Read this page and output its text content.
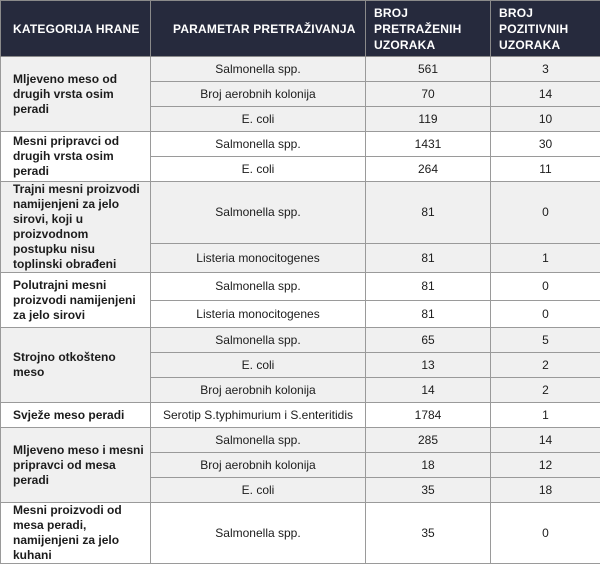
KATEGORIJA HRANE	PARAMETAR PRETRAŽIVANJA	BROJ PRETRAŽENIH UZORAKA	BROJ POZITIVNIH UZORAKA
Mljeveno meso od drugih vrsta osim peradi	Salmonella spp.	561	3
	Broj aerobnih kolonija	70	14
	E. coli	119	10
Mesni pripravci od drugih vrsta osim peradi	Salmonella spp.	1431	30
	E. coli	264	11
Trajni mesni proizvodi namijenjeni za jelo sirovi, koji u proizvodnom postupku nisu toplinski obrađeni	Salmonella spp.	81	0
	Listeria monocitogenes	81	1
Polutrajni mesni proizvodi namijenjeni za jelo sirovi	Salmonella spp.	81	0
	Listeria monocitogenes	81	0
Strojno otkošteno meso	Salmonella spp.	65	5
	E. coli	13	2
	Broj aerobnih kolonija	14	2
Svježe meso peradi	Serotip S.typhimurium i S.enteritidis	1784	1
Mljeveno meso i mesni pripravci od mesa peradi	Salmonella spp.	285	14
	Broj aerobnih kolonija	18	12
	E. coli	35	18
Mesni proizvodi od mesa peradi, namijenjeni za jelo kuhani	Salmonella spp.	35	0
